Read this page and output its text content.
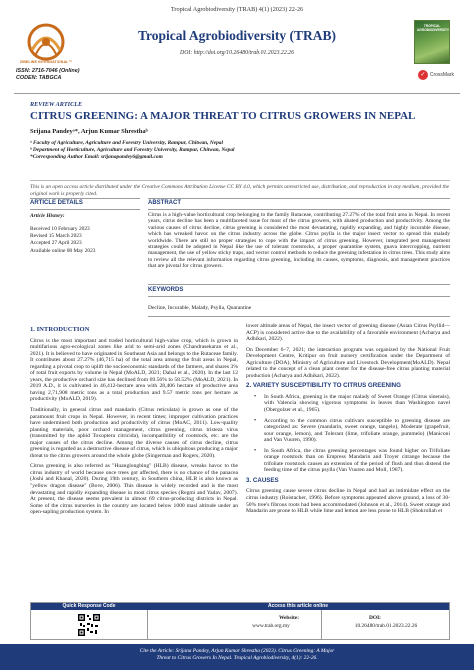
Tropical Agrobiodiversity (TRAB) 4(1) (2023) 22-26
ZIBELINE INTERNATIONAL™
ISSN: 2716-7046 (Online)
CODEN: TABGCA
Tropical Agrobiodiversity (TRAB)
DOI: http://doi.org/10.26480/trab.01.2023.22.26
TROPICAL AGROBIODIVERSITY
✓ CrossMark
REVIEW ARTICLE
CITRUS GREENING: A MAJOR THREAT TO CITRUS GROWERS IN NEPAL
Srijana Pandeyᵃ*, Arjun Kumar Shresthaᵇ
ᵃ Faculty of Agriculture, Agriculture and Forestry University, Rampur, Chitwan, Nepal
ᵇ Department of Horticulture, Agriculture and Forestry University, Rampur, Chitwan, Nepal
*Corresponding Author Email: srijanapandey6@gmail.com
This is an open access article distributed under the Creative Commons Attribution License CC BY 4.0, which permits unrestricted use, distribution, and reproduction in any medium, provided the original work is properly cited.
ARTICLE DETAILS	ABSTRACT
Article History:
Received 10 February 2023
Revised 15 March 2023
Accepted 27 April 2023
Available online 08 May 2023
Citrus is a high-value horticultural crop belonging to the family Rutaceae, contributing 27.27% of the total fruit area in Nepal. In recent years, citrus decline has been a multifaceted issue for most of the citrus growers, with abated production and productivity. Among the various causes of citrus decline, citrus greening is considered the most devastating, rapidly expanding, and highly incurable disease, which has wreaked havoc on the citrus industry across the globe. Citrus psylla is the major insect vector to spread this malady worldwide. There are still no proper strategies to cope with the impact of citrus greening. However, integrated pest management strategies could be adopted in Nepal like the use of tolerant rootstocks, a proper quarantine system, guava intercropping, nutrient management, the use of yellow sticky traps, and vector control methods to reduce the greening infestation in citrus trees. This study aims to review all the relevant information regarding citrus greening, including its causes, symptoms, diagnosis, and management practices that are pivotal for citrus growers.
KEYWORDS
Decline, Incurable, Malady, Psylla, Quarantine
1. INTRODUCTION

Citrus is the most important and traded horticultural high-value crop, which is grown in multifarious agro-ecological zones like arid to semi-arid zones (Chandrasekaran et al., 2021). It is believed to have originated in Southeast Asia and belongs to the Rutaceae family. It contributes about 27.27% (46,715 ha) of the total area among the fruit areas in Nepal, regarding a pivotal crop to uplift the socioeconomic standards of the farmers, and shares 3% of total fruit exports by volume in Nepal (MoALD, 2021; Dahal et al., 2020). In the last 12 years, the productive orchard size has declined from 69.56% to 58.52% (MoALD, 2021). In 2019 A.D., it is cultivated in 46,412-hectare area with 28,406 hectare of productive area having 2,71,908 metric tons as a total production and 9.57 metric tons per hectare as productivity (MoALD, 2019).

Traditionally, in general citrus and mandarin (Citrus reticulata) is grown as one of the paramount fruit crops in Nepal. However, in recent times; improper cultivation practices have undermined both production and productivity of citrus (MoAC, 2011). Low-quality planting materials, poor orchard management, citrus greening, citrus tristeza virus (transmitted by the aphid Toxoptera citricida), incompatibility of rootstock, etc. are the major causes of the citrus decline. Among the diverse causes of citrus decline, citrus greening is regarded as a destructive disease of citrus, which is ubiquitous producing a major threat to the citrus growers around the whole globe (Singerman and Rogers, 2020).

Citrus greening is also referred as "Huanglongbing" (HLB) disease, wreaks havoc to the citrus industry of world because once trees got affected, there is no chance of the panacea (Joshi and Khanal, 2020). During 19th century, in Southern china, HLB is also known as "yellow dragon disease" (Bove, 2006). This disease is widely recorded and is the most devastating and rapidly expanding disease in most citrus species (Regmi and Yadav, 2007). At present, the disease seems prevalent in almost 69 citrus-producing districts in Nepal. Some of the citrus nurseries in the country are located below 1000 masl altitude under an open-sapling production system. In

lower altitude areas of Nepal, the insect vector of greening disease (Asian Citrus Psyllid—ACP) is considered active due to the availability of a favorable environment (Acharya and Adhikari, 2022).

On December 6–7, 2021; the interaction program was organized by the National Fruit Development Centre, Kritipur on fruit nursery certification under the Department of Agriculture (DOA), Ministry of Agriculture and Livestock Development(MoALD). Nepal related to the concept of a clean plant center for the disease-free citrus planting material production (Acharya and Adhikari, 2022).

2. VARIETY SUSCEPTIBILITY TO CITRUS GREENING
•	In South Africa, greening is the major malady of Sweet Orange (Citrus sinensis), with Valencia showing vigorous symptoms in leaves than Washington navel (Obergolzer et al., 1965).
•	According to the common citrus cultivars susceptible to greening disease are categorized as: Severe (mandarin, sweet orange, tangelo), Moderate (grapefruit, sour orange, lemon), and Tolerant (lime, trifoliate orange, pummelo) (Maniconi and Van Vuuren, 1990).
•	In South Africa, the citrus greening percentages was found higher on Trifoliate orange rootstock than on Empress Mandarin and Troyer citrange because the trifoliate rootstock causes an extension of the period of flush and thus distend the feeding time of the citrus psylla (Van Vuuren and Moll, 1987).
3. CAUSES

Citrus greening cause severe citrus decline in Nepal and had an intimidate effect on the citrus industry (Roistacher, 1996). Before symptoms appeared above ground, a loss of 30-50% tree's fibrous roots had been accommodated (Johnson et al., 2014). Sweet orange and Mandarin are prone to HLB while lime and lemon are less prone to HLB (Shokrollah et

Quick Response Code	Access this article online
Website:
www.trab.org.my
DOI:
10.26480/trab.01.2023.22.26
Cite the Article: Srijana Pandey, Arjun Kumar Shrestha (2023). Citrus Greening: A Major
Threat to Citrus Growers In Nepal. Tropical Agrobiodiversity, 4(1): 22-26.
